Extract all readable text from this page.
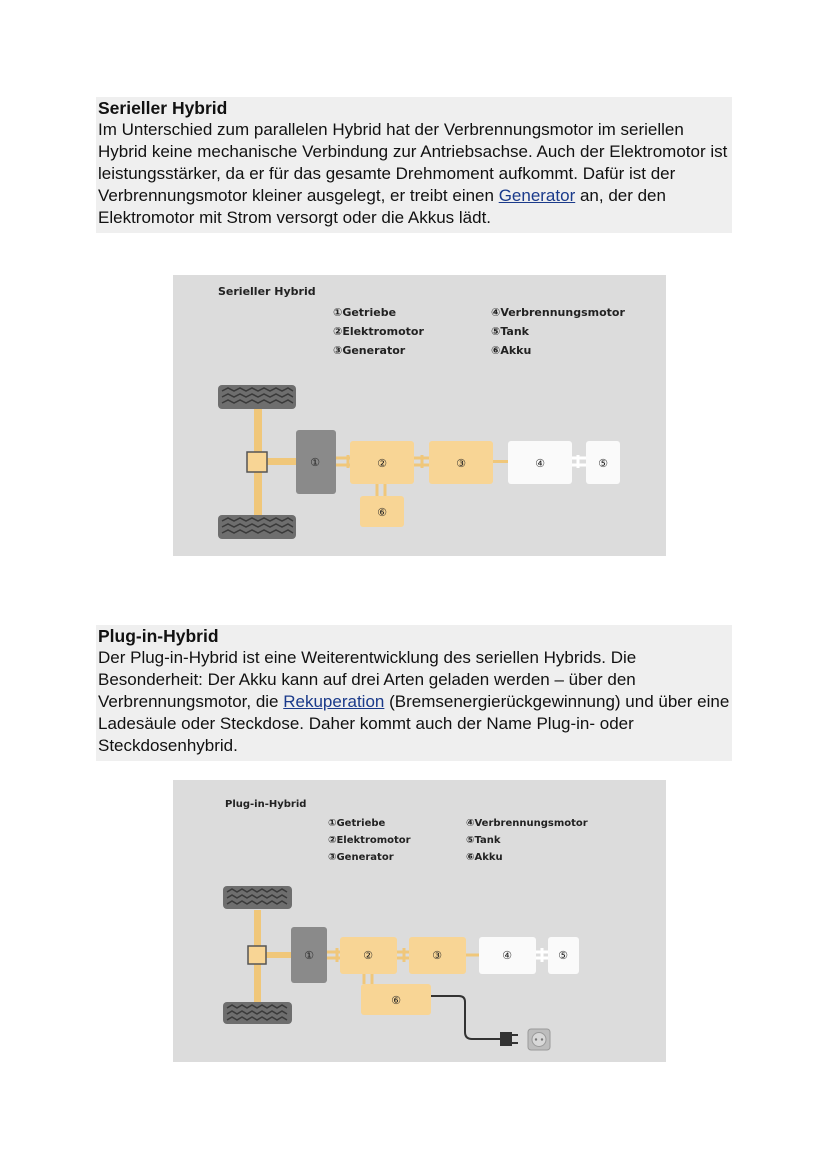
Serieller Hybrid

Im Unterschied zum parallelen Hybrid hat der Verbrennungsmotor im seriellen Hybrid keine mechanische Verbindung zur Antriebsachse. Auch der Elektromotor ist leistungsstärker, da er für das gesamte Drehmoment aufkommt. Dafür ist der Verbrennungsmotor kleiner ausgelegt, er treibt einen Generator an, der den Elektromotor mit Strom versorgt oder die Akkus lädt.

Serieller Hybrid
①Getriebe
②Elektromotor
③Generator
④Verbrennungsmotor
⑤Tank
⑥Akku
①	②	③	④	⑤
⑥
Plug-in-Hybrid

Der Plug-in-Hybrid ist eine Weiterentwicklung des seriellen Hybrids. Die Besonderheit: Der Akku kann auf drei Arten geladen werden – über den Verbrennungsmotor, die Rekuperation (Bremsenergierückgewinnung) und über eine Ladesäule oder Steckdose. Daher kommt auch der Name Plug-in- oder Steckdosenhybrid.

Plug-in-Hybrid
①Getriebe
②Elektromotor
③Generator
④Verbrennungsmotor
⑤Tank
⑥Akku
①	②	③	④	⑤
⑥
